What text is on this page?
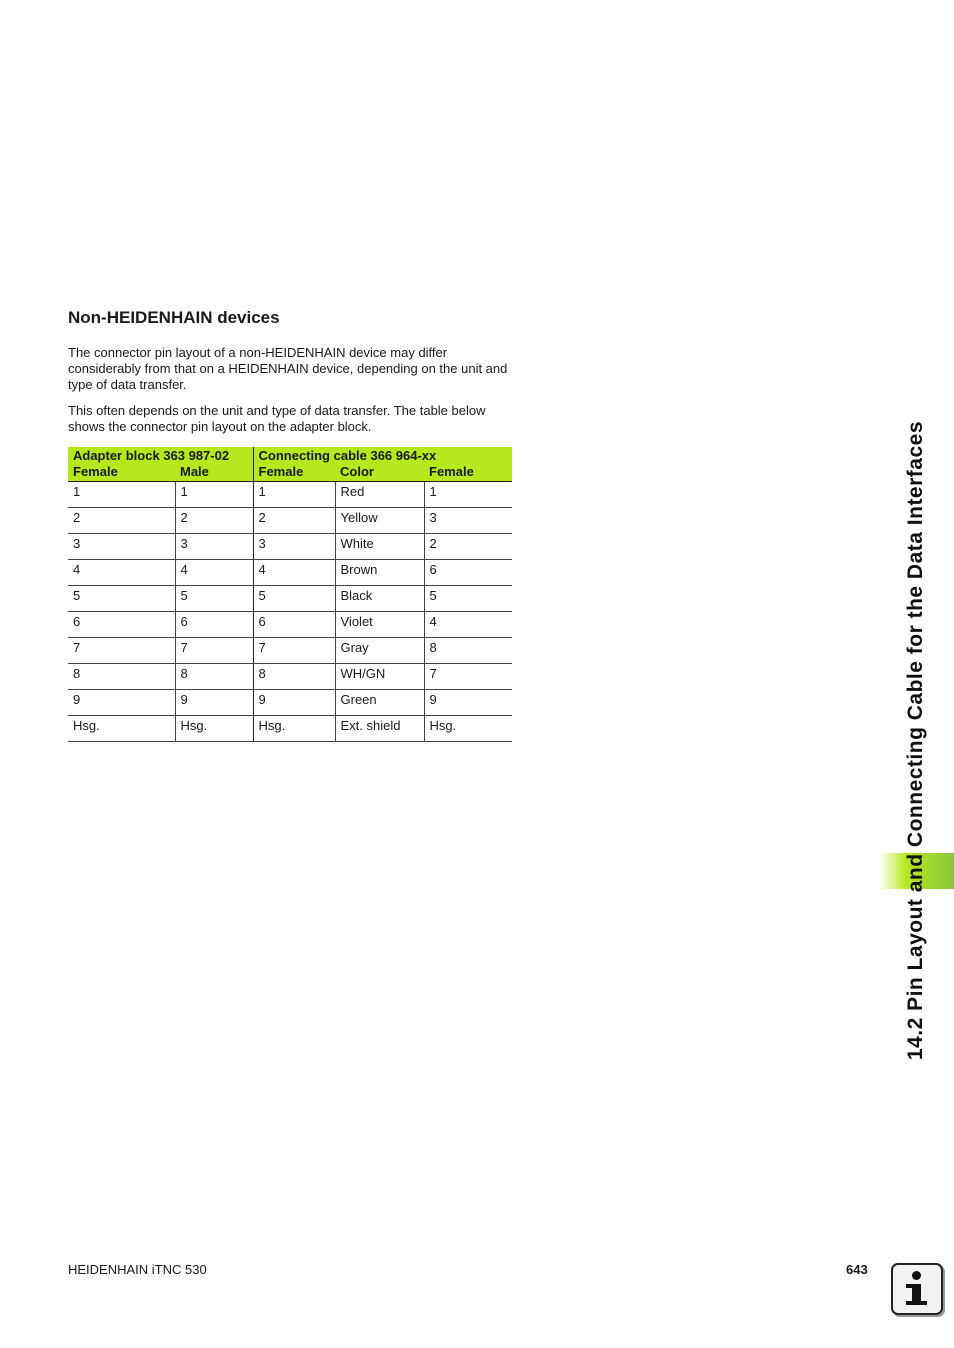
Non-HEIDENHAIN devices

The connector pin layout of a non-HEIDENHAIN device may differ considerably from that on a HEIDENHAIN device, depending on the unit and type of data transfer.

This often depends on the unit and type of data transfer. The table below shows the connector pin layout on the adapter block.

Adapter block 363 987-02		Connecting cable 366 964-xx		
Female	Male	Female	Color	Female
1	1	1	Red	1
2	2	2	Yellow	3
3	3	3	White	2
4	4	4	Brown	6
5	5	5	Black	5
6	6	6	Violet	4
7	7	7	Gray	8
8	8	8	WH/GN	7
9	9	9	Green	9
Hsg.	Hsg.	Hsg.	Ext. shield	Hsg.	14.2 Pin Layout and Connecting Cable for the Data Interfaces
HEIDENHAIN iTNC 530	643
